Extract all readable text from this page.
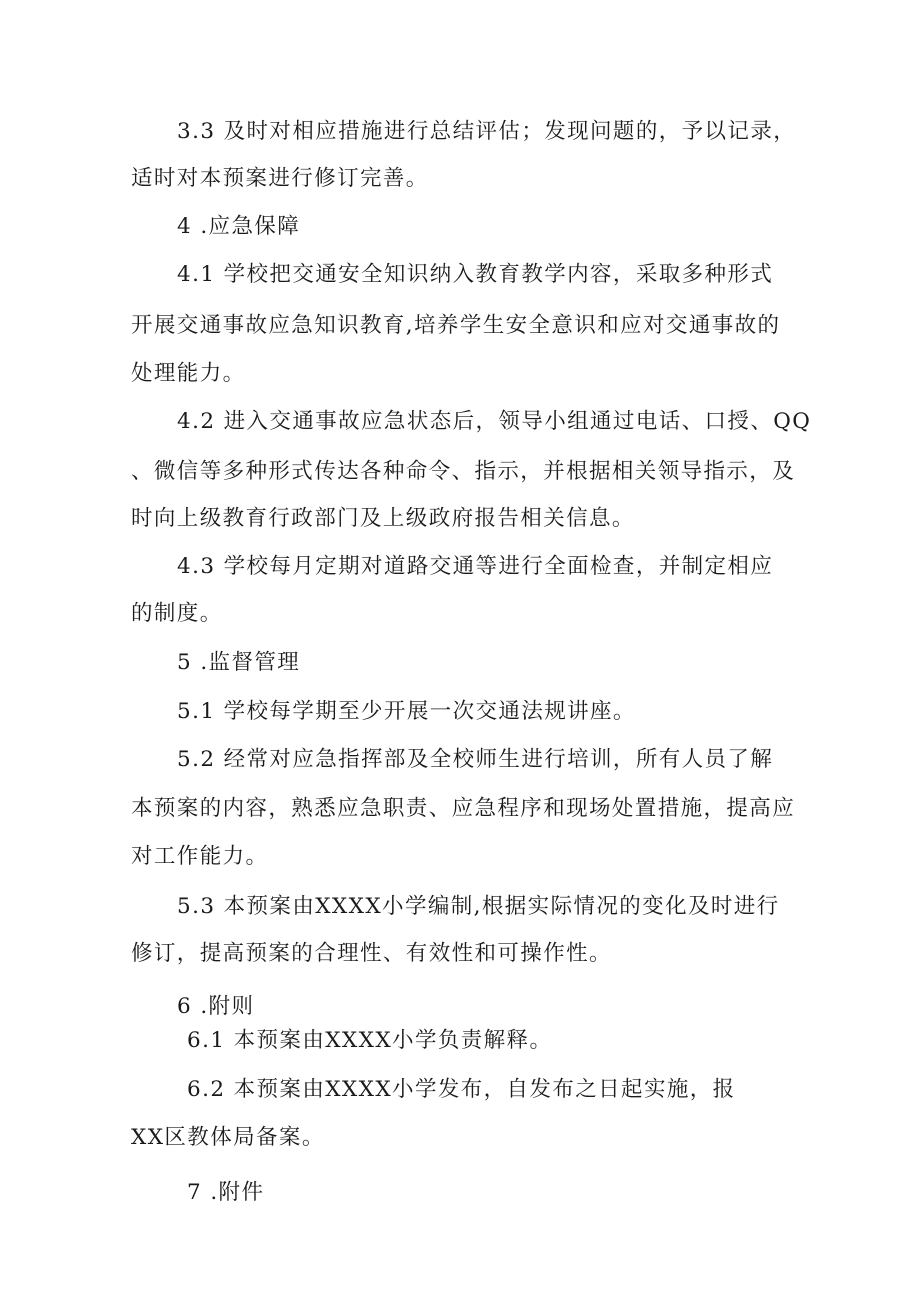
3.3 及时对相应措施进行总结评估；发现问题的，予以记录，
适时对本预案进行修订完善。
4 .应急保障
4.1 学校把交通安全知识纳入教育教学内容，采取多种形式
开展交通事故应急知识教育,培养学生安全意识和应对交通事故的
处理能力。
4.2 进入交通事故应急状态后，领导小组通过电话、口授、QQ
、微信等多种形式传达各种命令、指示，并根据相关领导指示，及
时向上级教育行政部门及上级政府报告相关信息。
4.3 学校每月定期对道路交通等进行全面检查，并制定相应
的制度。
5 .监督管理
5.1 学校每学期至少开展一次交通法规讲座。
5.2 经常对应急指挥部及全校师生进行培训，所有人员了解
本预案的内容，熟悉应急职责、应急程序和现场处置措施，提高应
对工作能力。
5.3 本预案由XXXX小学编制,根据实际情况的变化及时进行
修订，提高预案的合理性、有效性和可操作性。
6 .附则
6.1 本预案由XXXX小学负责解释。
6.2 本预案由XXXX小学发布，自发布之日起实施，报
XX区教体局备案。
7 .附件
